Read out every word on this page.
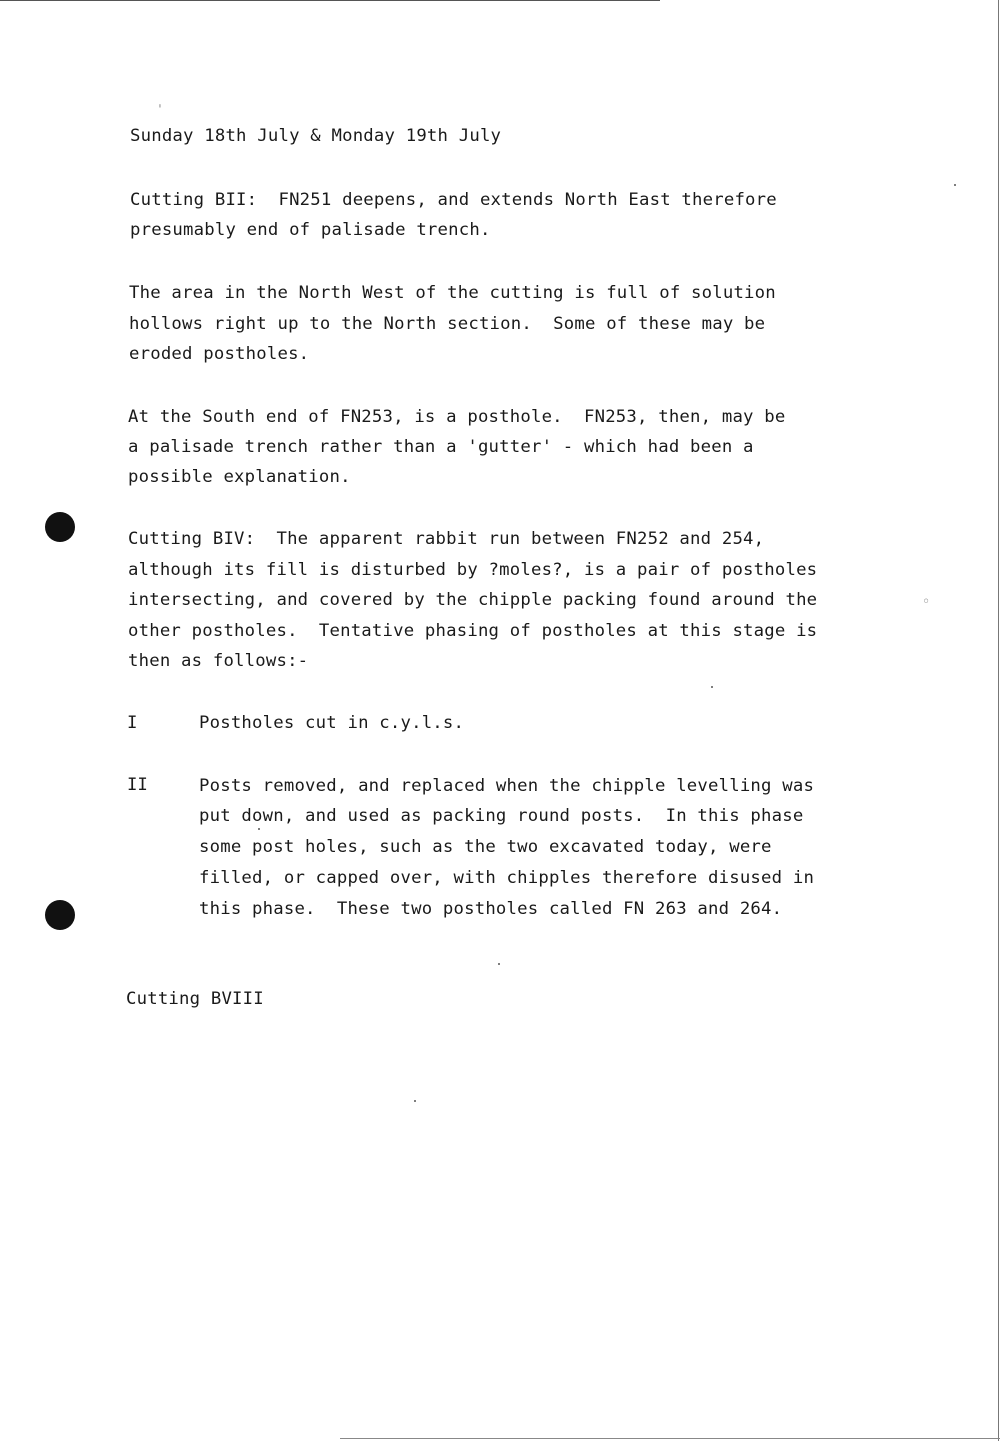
ˌ
◦
Sunday 18th July & Monday 19th July
Cutting BII:  FN251 deepens, and extends North East therefore
presumably end of palisade trench.
The area in the North West of the cutting is full of solution
hollows right up to the North section.  Some of these may be
eroded postholes.
At the South end of FN253, is a posthole.  FN253, then, may be
a palisade trench rather than a 'gutter' - which had been a
possible explanation.
Cutting BIV:  The apparent rabbit run between FN252 and 254,
although its fill is disturbed by ?moles?, is a pair of postholes
intersecting, and covered by the chipple packing found around the
other postholes.  Tentative phasing of postholes at this stage is
then as follows:-
I	Postholes cut in c.y.l.s.
II	Posts removed, and replaced when the chipple levelling was
put down, and used as packing round posts.  In this phase
some post holes, such as the two excavated today, were
filled, or capped over, with chipples therefore disused in
this phase.  These two postholes called FN 263 and 264.
Cutting BVIII
